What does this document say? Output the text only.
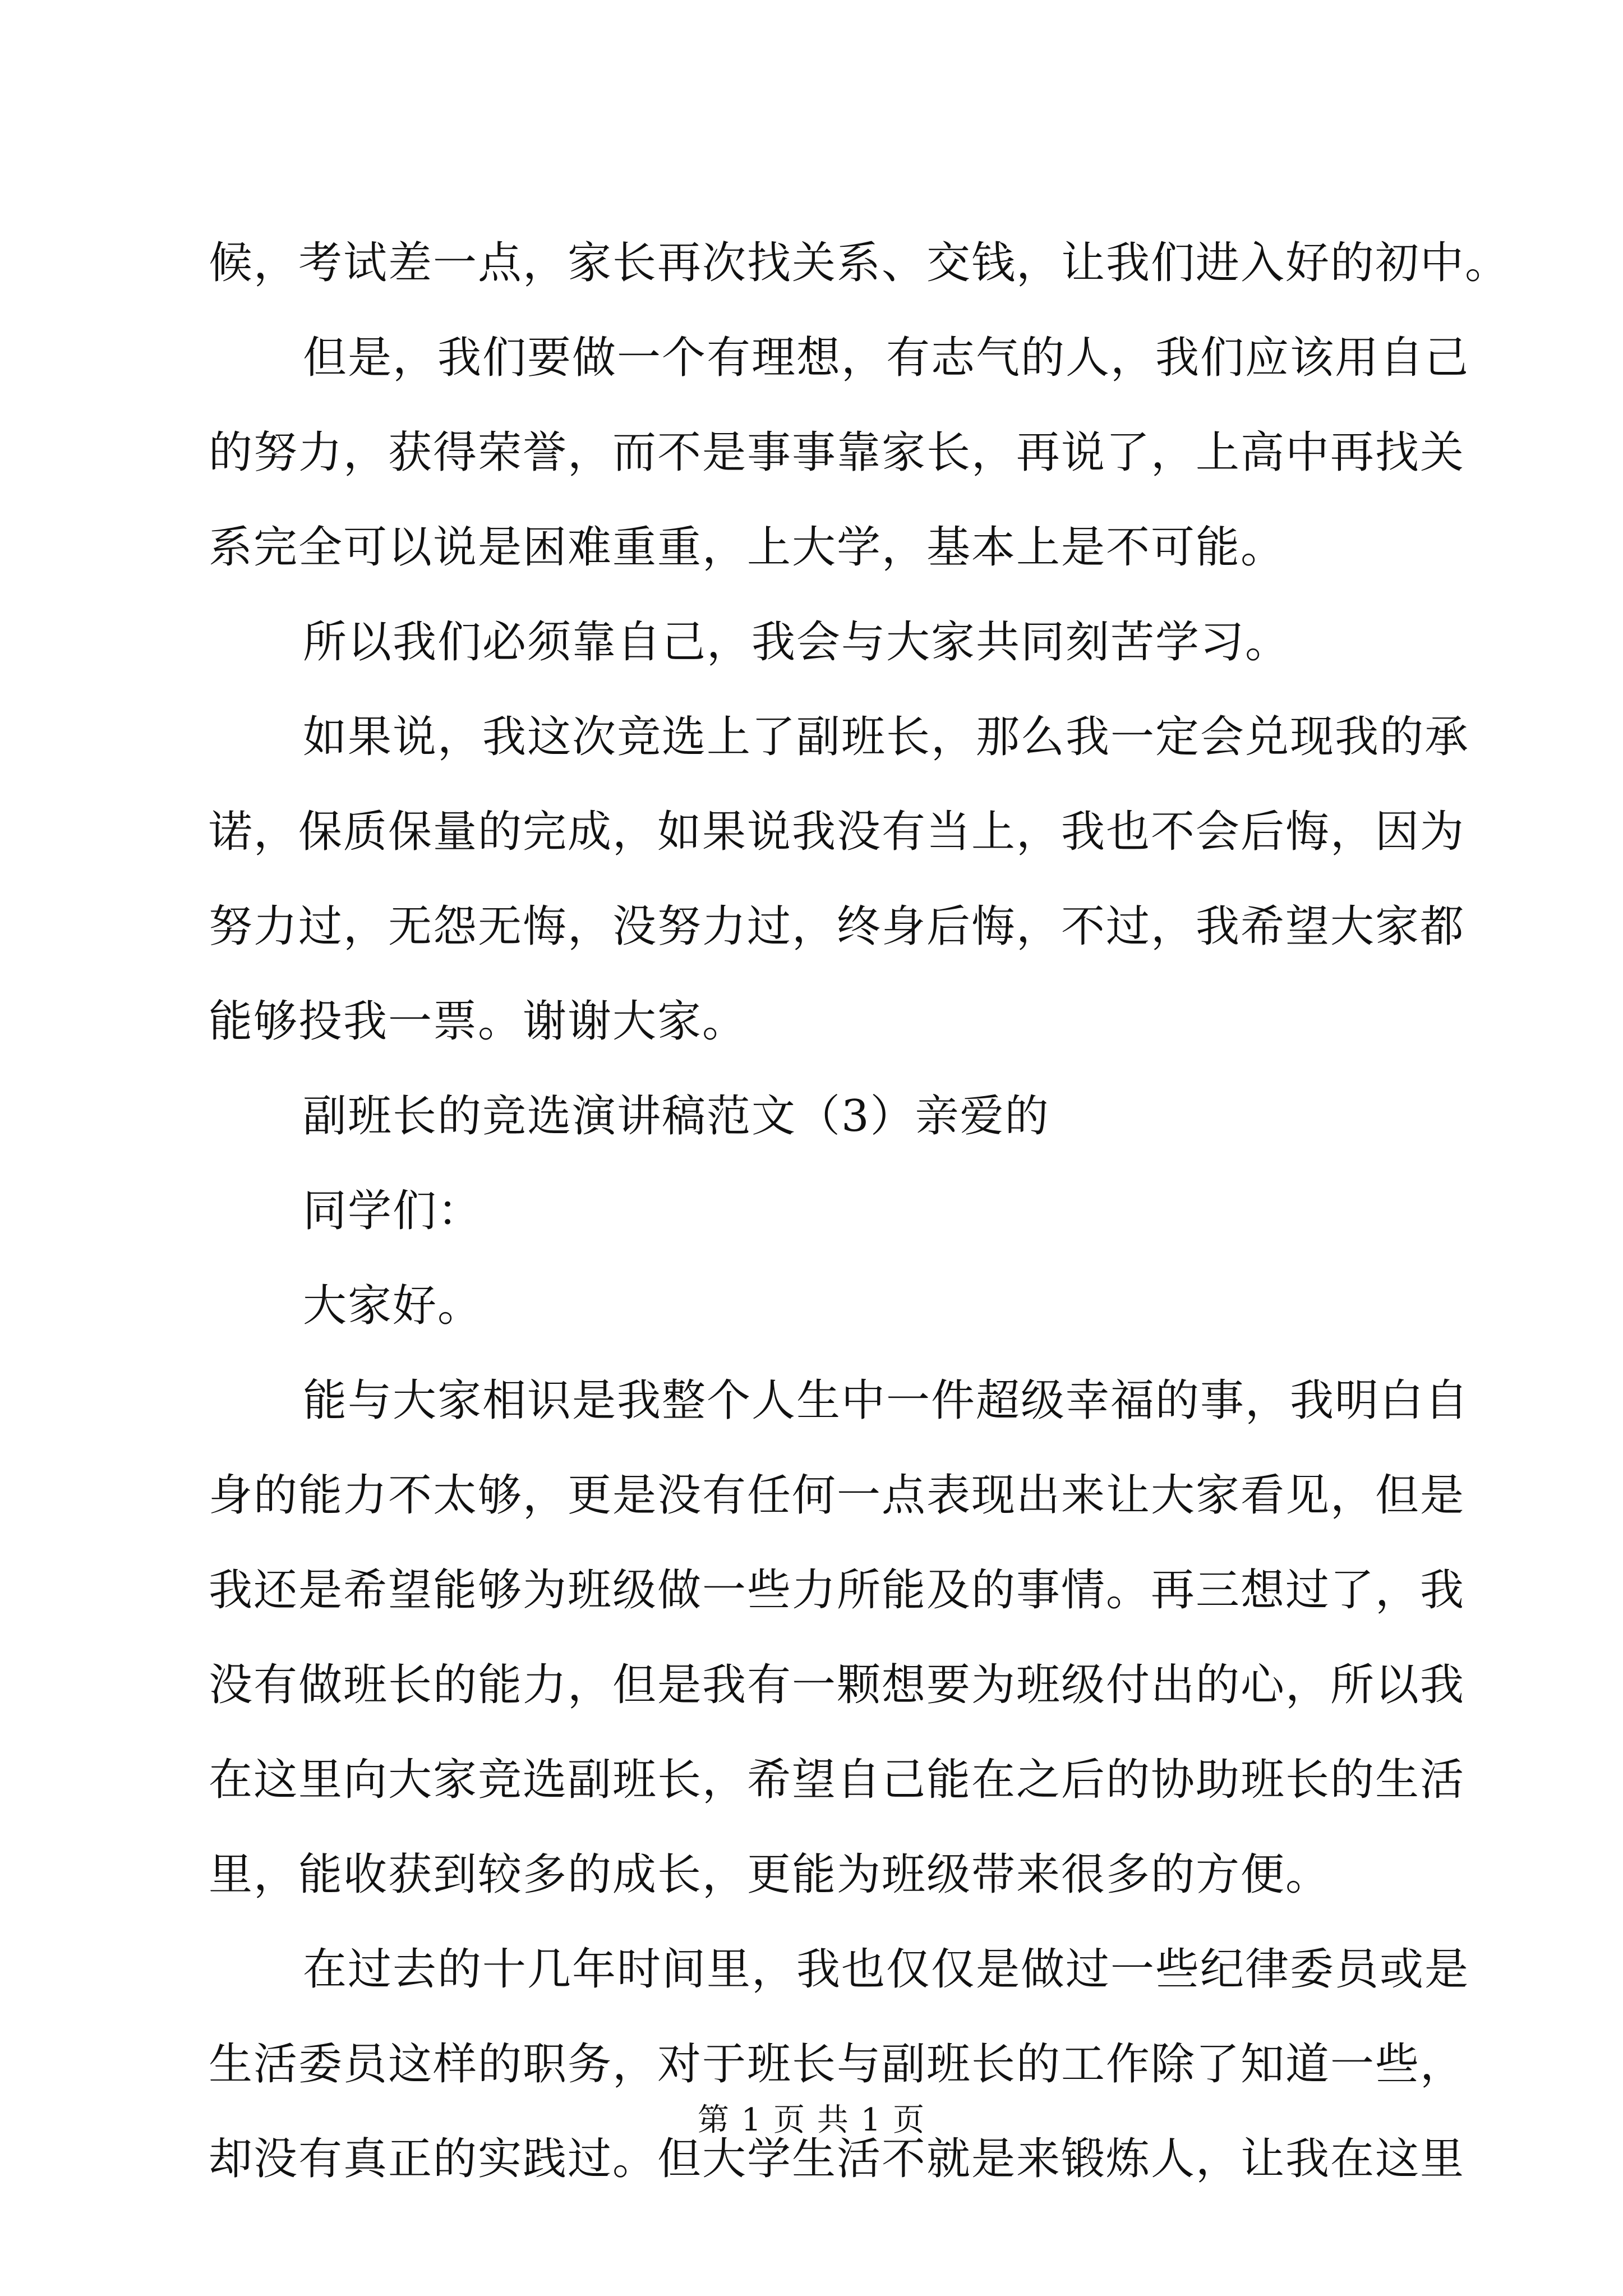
候，考试差一点，家长再次找关系、交钱，让我们进入好的初中。
但是，我们要做一个有理想，有志气的人，我们应该用自己
的努力，获得荣誉，而不是事事靠家长，再说了，上高中再找关
系完全可以说是困难重重，上大学，基本上是不可能。
所以我们必须靠自己，我会与大家共同刻苦学习。
如果说，我这次竞选上了副班长，那么我一定会兑现我的承
诺，保质保量的完成，如果说我没有当上，我也不会后悔，因为
努力过，无怨无悔，没努力过，终身后悔，不过，我希望大家都
能够投我一票。谢谢大家。
副班长的竞选演讲稿范文（3）亲爱的
同学们：
大家好。
能与大家相识是我整个人生中一件超级幸福的事，我明白自
身的能力不太够，更是没有任何一点表现出来让大家看见，但是
我还是希望能够为班级做一些力所能及的事情。再三想过了，我
没有做班长的能力，但是我有一颗想要为班级付出的心，所以我
在这里向大家竞选副班长，希望自己能在之后的协助班长的生活
里，能收获到较多的成长，更能为班级带来很多的方便。
在过去的十几年时间里，我也仅仅是做过一些纪律委员或是
生活委员这样的职务，对于班长与副班长的工作除了知道一些，
却没有真正的实践过。但大学生活不就是来锻炼人，让我在这里
第 1 页 共 1 页
